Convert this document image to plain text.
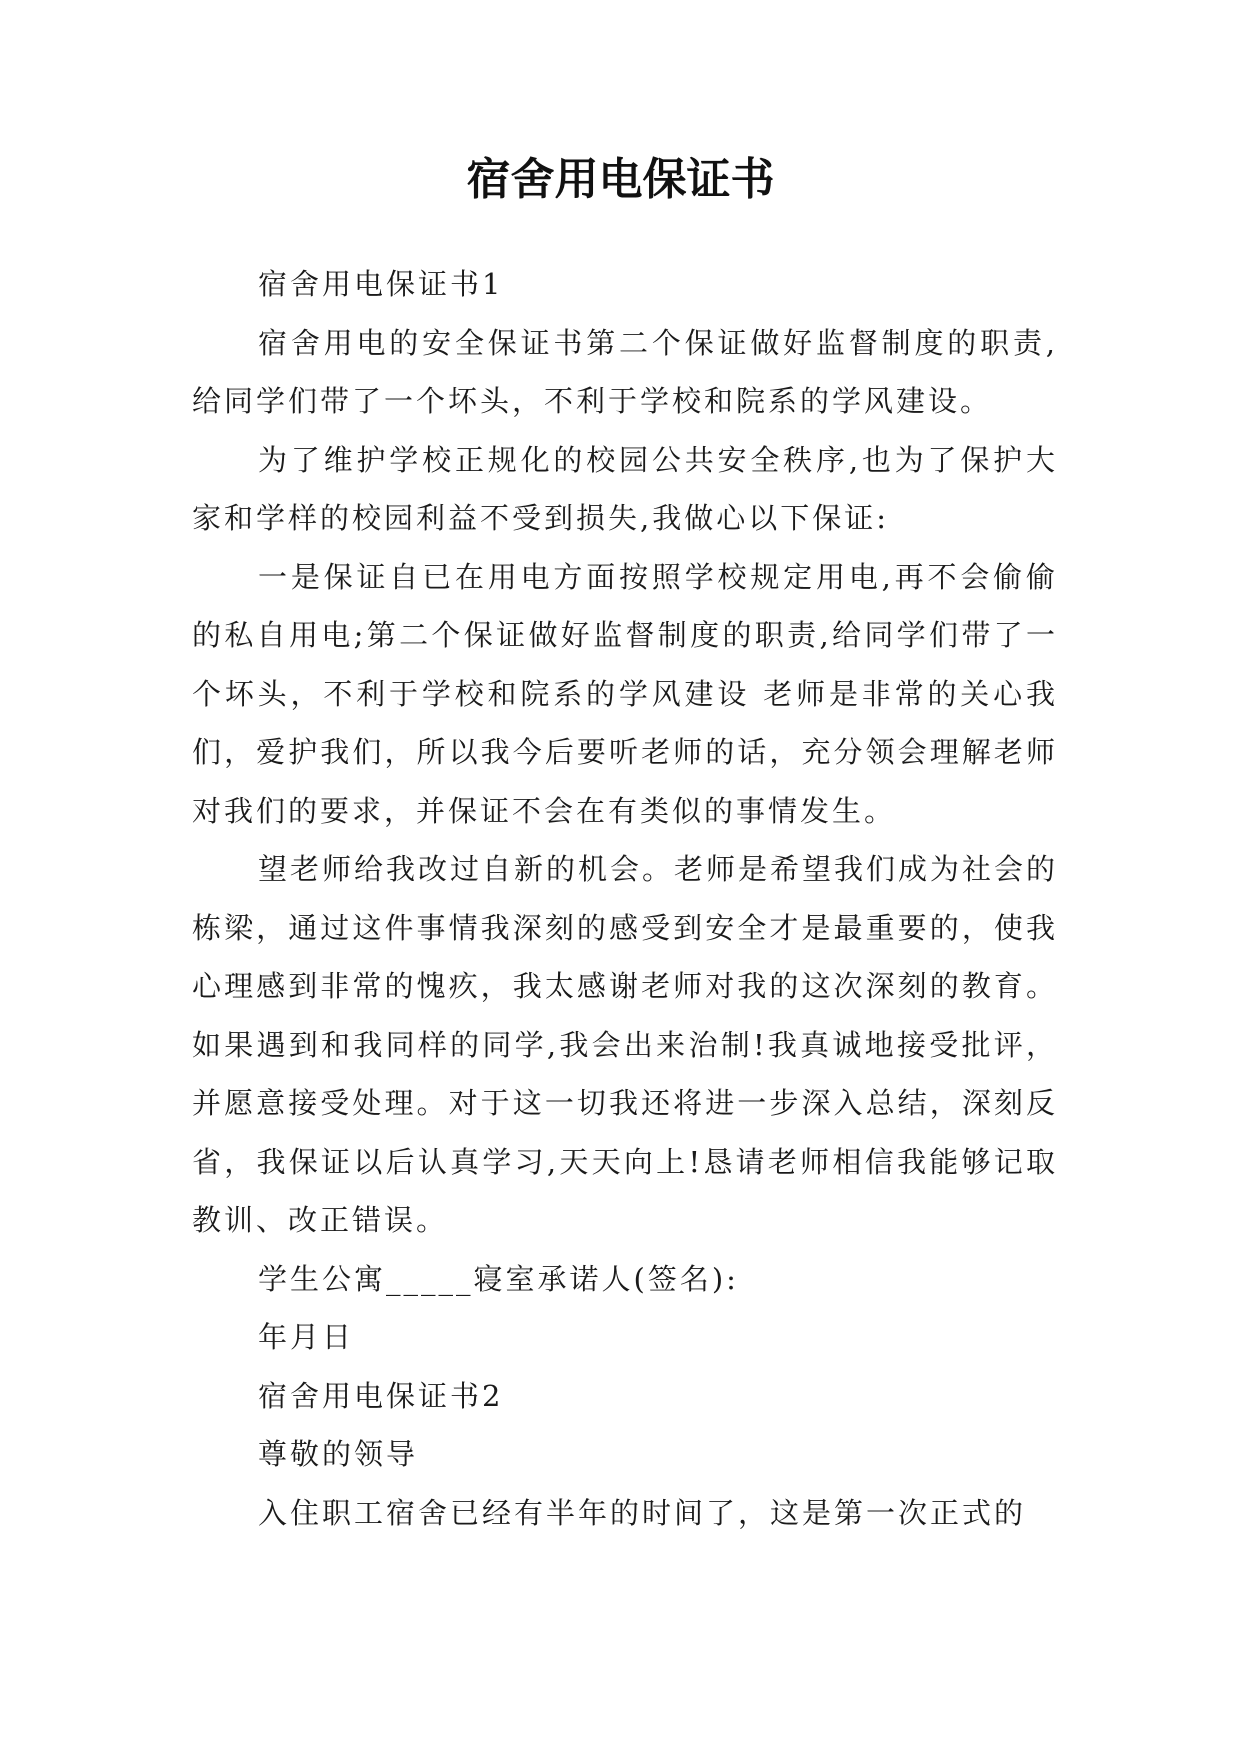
宿舍用电保证书

宿舍用电保证书1

宿舍用电的安全保证书第二个保证做好监督制度的职责,给同学们带了一个坏头，不利于学校和院系的学风建设。

为了维护学校正规化的校园公共安全秩序,也为了保护大家和学样的校园利益不受到损失,我做心以下保证:

一是保证自已在用电方面按照学校规定用电,再不会偷偷的私自用电;第二个保证做好监督制度的职责,给同学们带了一个坏头，不利于学校和院系的学风建设 老师是非常的关心我们，爱护我们，所以我今后要听老师的话，充分领会理解老师对我们的要求，并保证不会在有类似的事情发生。

望老师给我改过自新的机会。老师是希望我们成为社会的栋梁，通过这件事情我深刻的感受到安全才是最重要的，使我心理感到非常的愧疚，我太感谢老师对我的这次深刻的教育。如果遇到和我同样的同学,我会出来治制!我真诚地接受批评，并愿意接受处理。对于这一切我还将进一步深入总结，深刻反省，我保证以后认真学习,天天向上!恳请老师相信我能够记取教训、改正错误。

学生公寓_____寝室承诺人(签名):

年月日

宿舍用电保证书2

尊敬的领导

入住职工宿舍已经有半年的时间了，这是第一次正式的
